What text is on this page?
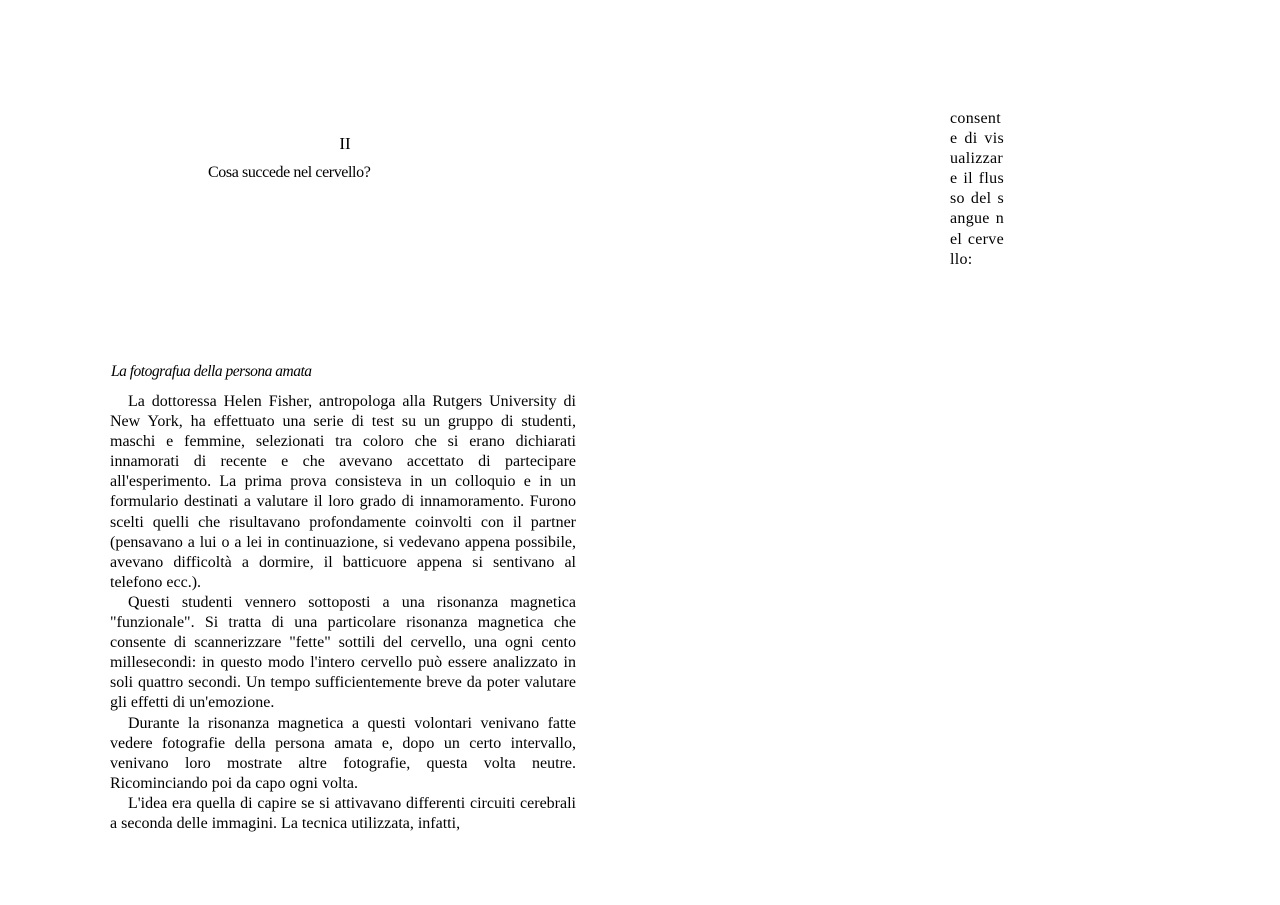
II
Cosa succede nel cervello?
La fotografua della persona amata

La dottoressa Helen Fisher, antropologa alla Rutgers University di New York, ha effettuato una serie di test su un gruppo di studenti, maschi e femmine, selezionati tra coloro che si erano dichiarati innamorati di recente e che avevano accettato di partecipare all'esperimento. La prima prova consisteva in un colloquio e in un formulario destinati a valutare il loro grado di innamoramento. Furono scelti quelli che risultavano profondamente coinvolti con il partner (pensavano a lui o a lei in continuazione, si vedevano appena possibile, avevano difficoltà a dormire, il batticuore appena si sentivano al telefono ecc.).

Questi studenti vennero sottoposti a una risonanza magnetica "funzionale". Si tratta di una particolare risonanza magnetica che consente di scannerizzare "fette" sottili del cervello, una ogni cento millesecondi: in questo modo l'intero cervello può essere analizzato in soli quattro secondi. Un tempo sufficientemente breve da poter valutare gli effetti di un'emozione.

Durante la risonanza magnetica a questi volontari venivano fatte vedere fotografie della persona amata e, dopo un certo intervallo, venivano loro mostrate altre fotografie, questa volta neutre. Ricominciando poi da capo ogni volta.

L'idea era quella di capire se si attivavano differenti circuiti cerebrali a seconda delle immagini. La tecnica utilizzata, infatti,

consente di visualizzare il flusso del sangue nel cervello:
